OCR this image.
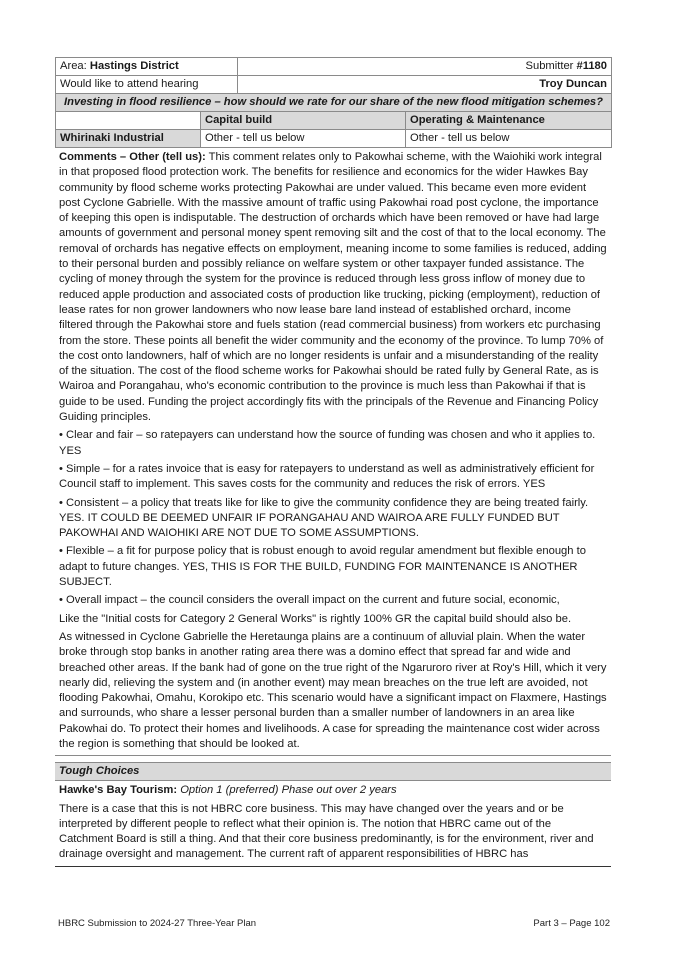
Area: Hastings District	Submitter #1180
Would like to attend hearing	Troy Duncan
Investing in flood resilience – how should we rate for our share of the new flood mitigation schemes?		
	Capital build	Operating & Maintenance
Whirinaki Industrial	Other - tell us below	Other - tell us below

Comments – Other (tell us): This comment relates only to Pakowhai scheme, with the Waiohiki work integral in that proposed flood protection work. The benefits for resilience and economics for the wider Hawkes Bay community by flood scheme works protecting Pakowhai are under valued. This became even more evident post Cyclone Gabrielle. With the massive amount of traffic using Pakowhai road post cyclone, the importance of keeping this open is indisputable. The destruction of orchards which have been removed or have had large amounts of government and personal money spent removing silt and the cost of that to the local economy. The removal of orchards has negative effects on employment, meaning income to some families is reduced, adding to their personal burden and possibly reliance on welfare system or other taxpayer funded assistance. The cycling of money through the system for the province is reduced through less gross inflow of money due to reduced apple production and associated costs of production like trucking, picking (employment), reduction of lease rates for non grower landowners who now lease bare land instead of established orchard, income filtered through the Pakowhai store and fuels station (read commercial business) from workers etc purchasing from the store. These points all benefit the wider community and the economy of the province. To lump 70% of the cost onto landowners, half of which are no longer residents is unfair and a misunderstanding of the reality of the situation. The cost of the flood scheme works for Pakowhai should be rated fully by General Rate, as is Wairoa and Porangahau, who's economic contribution to the province is much less than Pakowhai if that is guide to be used. Funding the project accordingly fits with the principals of the Revenue and Financing Policy Guiding principles.

• Clear and fair – so ratepayers can understand how the source of funding was chosen and who it applies to. YES

• Simple – for a rates invoice that is easy for ratepayers to understand as well as administratively efficient for Council staff to implement. This saves costs for the community and reduces the risk of errors. YES

• Consistent – a policy that treats like for like to give the community confidence they are being treated fairly. YES. IT COULD BE DEEMED UNFAIR IF PORANGAHAU AND WAIROA ARE FULLY FUNDED BUT PAKOWHAI AND WAIOHIKI ARE NOT DUE TO SOME ASSUMPTIONS.

• Flexible – a fit for purpose policy that is robust enough to avoid regular amendment but flexible enough to adapt to future changes. YES, THIS IS FOR THE BUILD, FUNDING FOR MAINTENANCE IS ANOTHER SUBJECT.

• Overall impact – the council considers the overall impact on the current and future social, economic,

Like the "Initial costs for Category 2 General Works" is rightly 100% GR the capital build should also be.

As witnessed in Cyclone Gabrielle the Heretaunga plains are a continuum of alluvial plain. When the water broke through stop banks in another rating area there was a domino effect that spread far and wide and breached other areas. If the bank had of gone on the true right of the Ngaruroro river at Roy's Hill, which it very nearly did, relieving the system and (in another event) may mean breaches on the true left are avoided, not flooding Pakowhai, Omahu, Korokipo etc. This scenario would have a significant impact on Flaxmere, Hastings and surrounds, who share a lesser personal burden than a smaller number of landowners in an area like Pakowhai do. To protect their homes and livelihoods. A case for spreading the maintenance cost wider across the region is something that should be looked at.

Tough Choices

Hawke's Bay Tourism: Option 1 (preferred) Phase out over 2 years

There is a case that this is not HBRC core business. This may have changed over the years and or be interpreted by different people to reflect what their opinion is. The notion that HBRC came out of the Catchment Board is still a thing. And that their core business predominantly, is for the environment, river and drainage oversight and management. The current raft of apparent responsibilities of HBRC has

HBRC Submission to 2024-27 Three-Year Plan	Part 3 – Page 102
